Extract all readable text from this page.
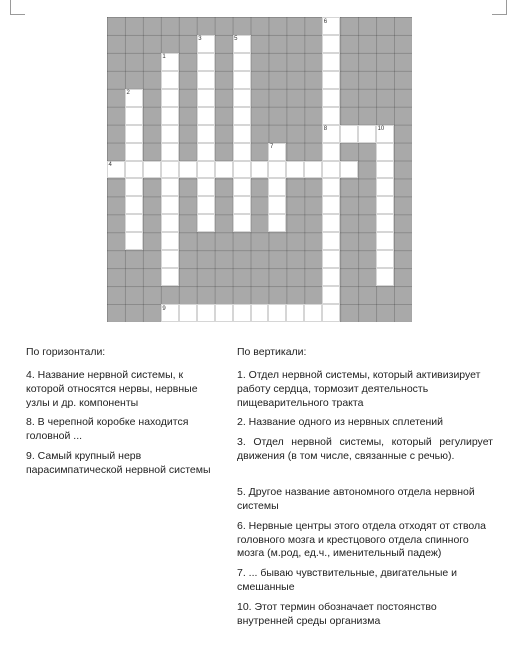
1
2
3
4
5
6
7
8
9
10
По горизонтали:
4. Название нервной системы, к которой относятся нервы, нервные узлы и др. компоненты
8. В черепной коробке находится головной ...
9. Самый крупный нерв парасимпатической нервной системы
По вертикали:
1. Отдел нервной системы, который активизирует работу сердца, тормозит деятельность пищеварительного тракта
2. Название одного из нервных сплетений
3. Отдел нервной системы, который регулирует движения (в том числе, связанные с речью).
5. Другое название автономного отдела нервной системы
6. Нервные центры этого отдела отходят от ствола головного мозга и крестцового отдела спинного мозга (м.род, ед.ч., именительный падеж)
7. ... бываю чувствительные, двигательные и смешанные
10. Этот термин обозначает постоянство внутренней среды организма
